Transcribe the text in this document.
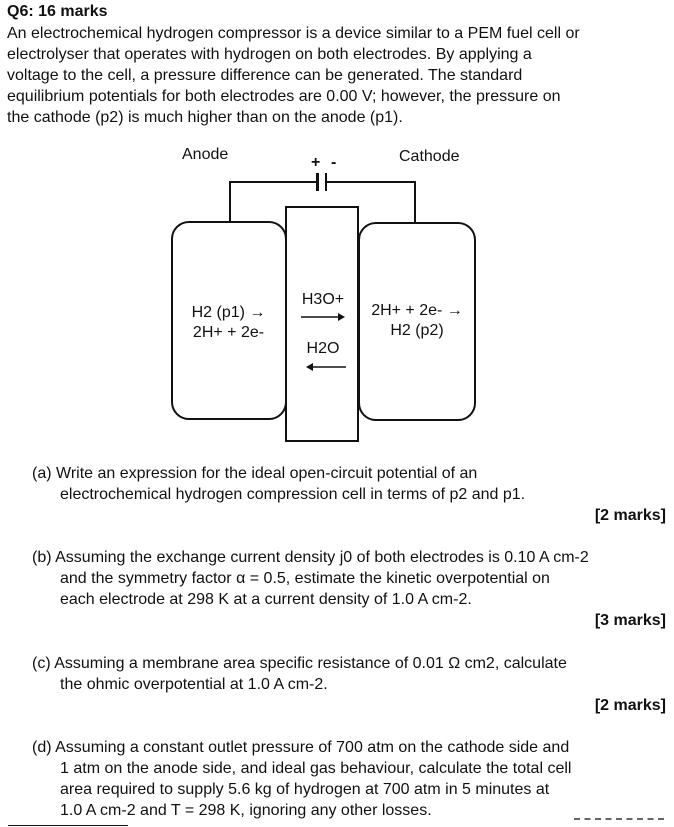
Q6: 16 marks
An electrochemical hydrogen compressor is a device similar to a PEM fuel cell or
electrolyser that operates with hydrogen on both electrodes. By applying a
voltage to the cell, a pressure difference can be generated. The standard
equilibrium potentials for both electrodes are 0.00 V; however, the pressure on
the cathode (p2) is much higher than on the anode (p1).
Anode	Cathode
+ -
H2 (p1) →
2H+ + 2e-
H3O+
H2O
2H+ + 2e- →
H2 (p2)
(a) Write an expression for the ideal open-circuit potential of an
electrochemical hydrogen compression cell in terms of p2 and p1.
[2 marks]
(b) Assuming the exchange current density j0 of both electrodes is 0.10 A cm-2
and the symmetry factor α = 0.5, estimate the kinetic overpotential on
each electrode at 298 K at a current density of 1.0 A cm-2.
[3 marks]
(c) Assuming a membrane area specific resistance of 0.01 Ω cm2, calculate
the ohmic overpotential at 1.0 A cm-2.
[2 marks]
(d) Assuming a constant outlet pressure of 700 atm on the cathode side and
1 atm on the anode side, and ideal gas behaviour, calculate the total cell
area required to supply 5.6 kg of hydrogen at 700 atm in 5 minutes at
1.0 A cm-2 and T = 298 K, ignoring any other losses.
